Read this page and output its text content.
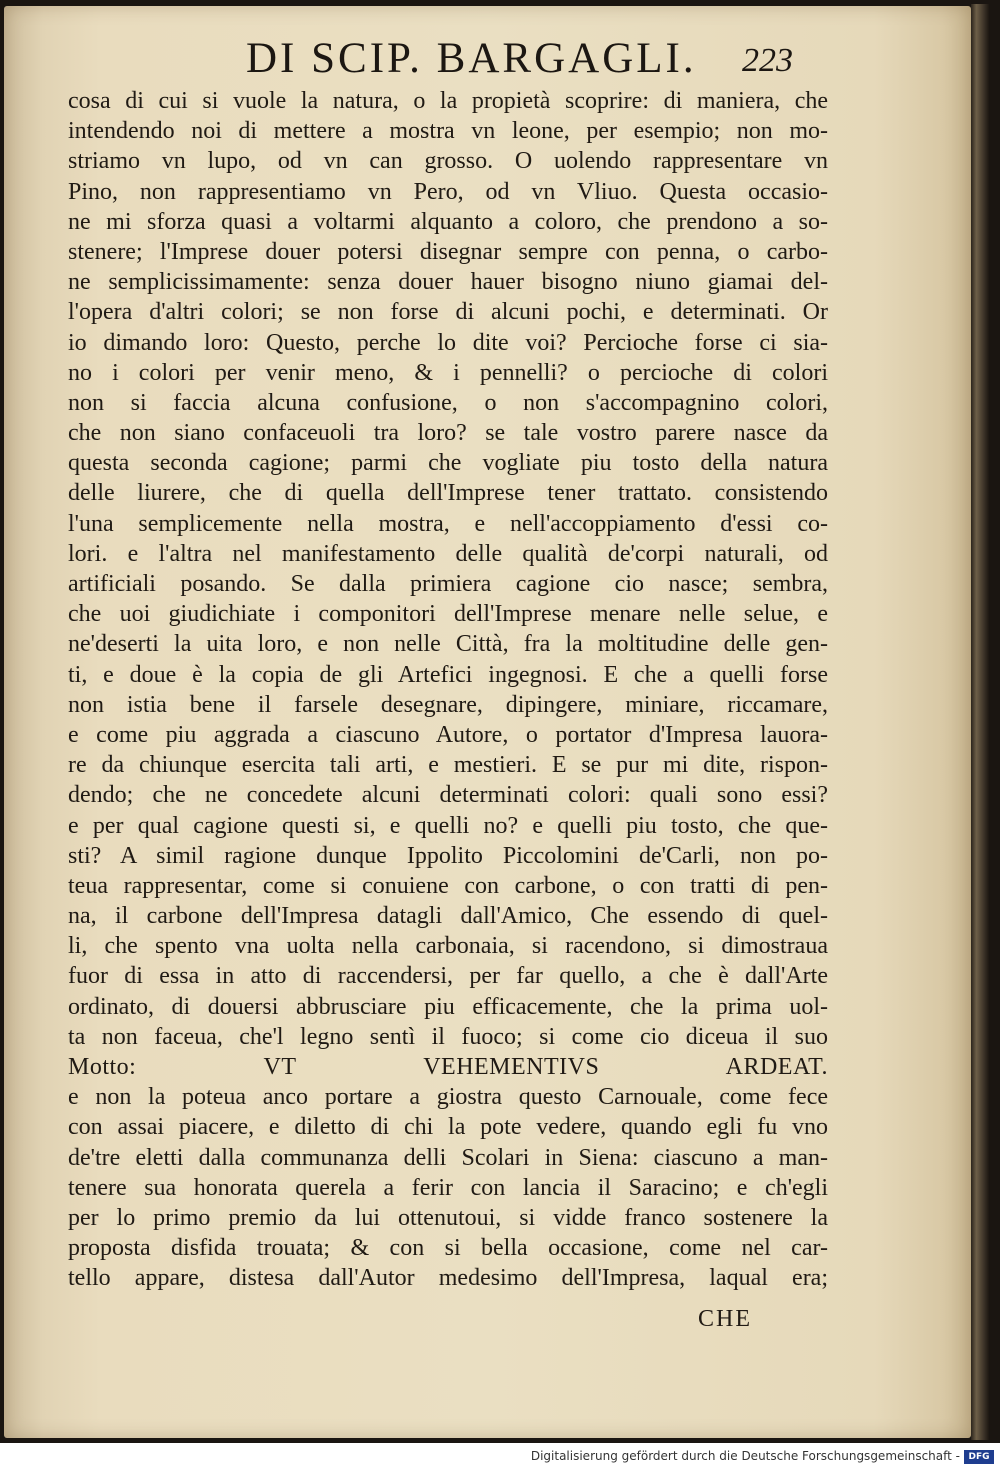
DI SCIP. BARGAGLI. 223
cosa di cui si vuole la natura, o la propietà scoprire: di maniera, che
intendendo noi di mettere a mostra vn leone, per esempio; non mo-
striamo vn lupo, od vn can grosso. O uolendo rappresentare vn
Pino, non rappresentiamo vn Pero, od vn Vliuo. Questa occasio-
ne mi sforza quasi a voltarmi alquanto a coloro, che prendono a so-
stenere; l'Imprese douer potersi disegnar sempre con penna, o carbo-
ne semplicissimamente: senza douer hauer bisogno niuno giamai del-
l'opera d'altri colori; se non forse di alcuni pochi, e determinati. Or
io dimando loro: Questo, perche lo dite voi? Percioche forse ci sia-
no i colori per venir meno, & i pennelli? o percioche di colori
non si faccia alcuna confusione, o non s'accompagnino colori,
che non siano confaceuoli tra loro? se tale vostro parere nasce da
questa seconda cagione; parmi che vogliate piu tosto della natura
delle liurere, che di quella dell'Imprese tener trattato. consistendo
l'una semplicemente nella mostra, e nell'accoppiamento d'essi co-
lori. e l'altra nel manifestamento delle qualità de'corpi naturali, od
artificiali posando. Se dalla primiera cagione cio nasce; sembra,
che uoi giudichiate i componitori dell'Imprese menare nelle selue, e
ne'deserti la uita loro, e non nelle Città, fra la moltitudine delle gen-
ti, e doue è la copia de gli Artefici ingegnosi. E che a quelli forse
non istia bene il farsele desegnare, dipingere, miniare, riccamare,
e come piu aggrada a ciascuno Autore, o portator d'Impresa lauora-
re da chiunque esercita tali arti, e mestieri. E se pur mi dite, rispon-
dendo; che ne concedete alcuni determinati colori: quali sono essi?
e per qual cagione questi si, e quelli no? e quelli piu tosto, che que-
sti? A simil ragione dunque Ippolito Piccolomini de'Carli, non po-
teua rappresentar, come si conuiene con carbone, o con tratti di pen-
na, il carbone dell'Impresa datagli dall'Amico, Che essendo di quel-
li, che spento vna uolta nella carbonaia, si racendono, si dimostraua
fuor di essa in atto di raccendersi, per far quello, a che è dall'Arte
ordinato, di douersi abbrusciare piu efficacemente, che la prima uol-
ta non faceua, che'l legno sentì il fuoco; si come cio diceua il suo
Motto: VT VEHEMENTIVS ARDEAT.
e non la poteua anco portare a giostra questo Carnouale, come fece
con assai piacere, e diletto di chi la pote vedere, quando egli fu vno
de'tre eletti dalla communanza delli Scolari in Siena: ciascuno a man-
tenere sua honorata querela a ferir con lancia il Saracino; e ch'egli
per lo primo premio da lui ottenutoui, si vidde franco sostenere la
proposta disfida trouata; & con si bella occasione, come nel car-
tello appare, distesa dall'Autor medesimo dell'Impresa, laqual era;
CHE
Digitalisierung gefördert durch die Deutsche Forschungsgemeinschaft - DFG
